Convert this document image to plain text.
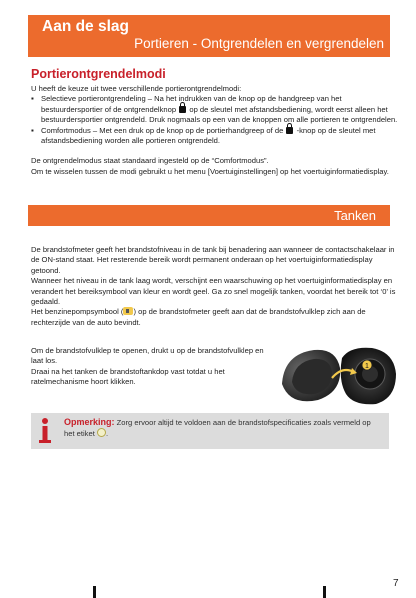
Aan de slag
Portieren - Ontgrendelen en vergrendelen
Portierontgrendelmodi
U heeft de keuze uit twee verschillende portierontgrendelmodi:
▪ Selectieve portierontgrendeling – Na het indrukken van de knop op de handgreep van het bestuurdersportier of de ontgrendelknop op de sleutel met afstandsbediening, wordt eerst alleen het bestuurdersportier ontgrendeld. Druk nogmaals op een van de knoppen om alle portieren te ontgrendelen.
▪ Comfortmodus – Met een druk op de knop op de portierhandgreep of de -knop op de sleutel met afstandsbediening worden alle portieren ontgrendeld.
De ontgrendelmodus staat standaard ingesteld op de “Comfortmodus”.
Om te wisselen tussen de modi gebruikt u het menu [Voertuiginstellingen] op het voertuiginformatiedisplay.
Tanken
De brandstofmeter geeft het brandstofniveau in de tank bij benadering aan wanneer de contactschakelaar in de ON-stand staat. Het resterende bereik wordt permanent onderaan op het voertuiginformatiedisplay getoond.
Wanneer het niveau in de tank laag wordt, verschijnt een waarschuwing op het voertuiginformatiedisplay en verandert het bereiksymbool van kleur en wordt geel. Ga zo snel mogelijk tanken, voordat het bereik tot ‘0’ is gedaald.
Het benzinepompsymbool ( ) op de brandstofmeter geeft aan dat de brandstofvulklep zich aan de rechterzijde van de auto bevindt.
Om de brandstofvulklep te openen, drukt u op de brandstofvulklep en laat los.
Draai na het tanken de brandstoftankdop vast totdat u het ratelmechanisme hoort klikken.
1
Opmerking: Zorg ervoor altijd te voldoen aan de brandstofspecificaties zoals vermeld op het etiket .
7
